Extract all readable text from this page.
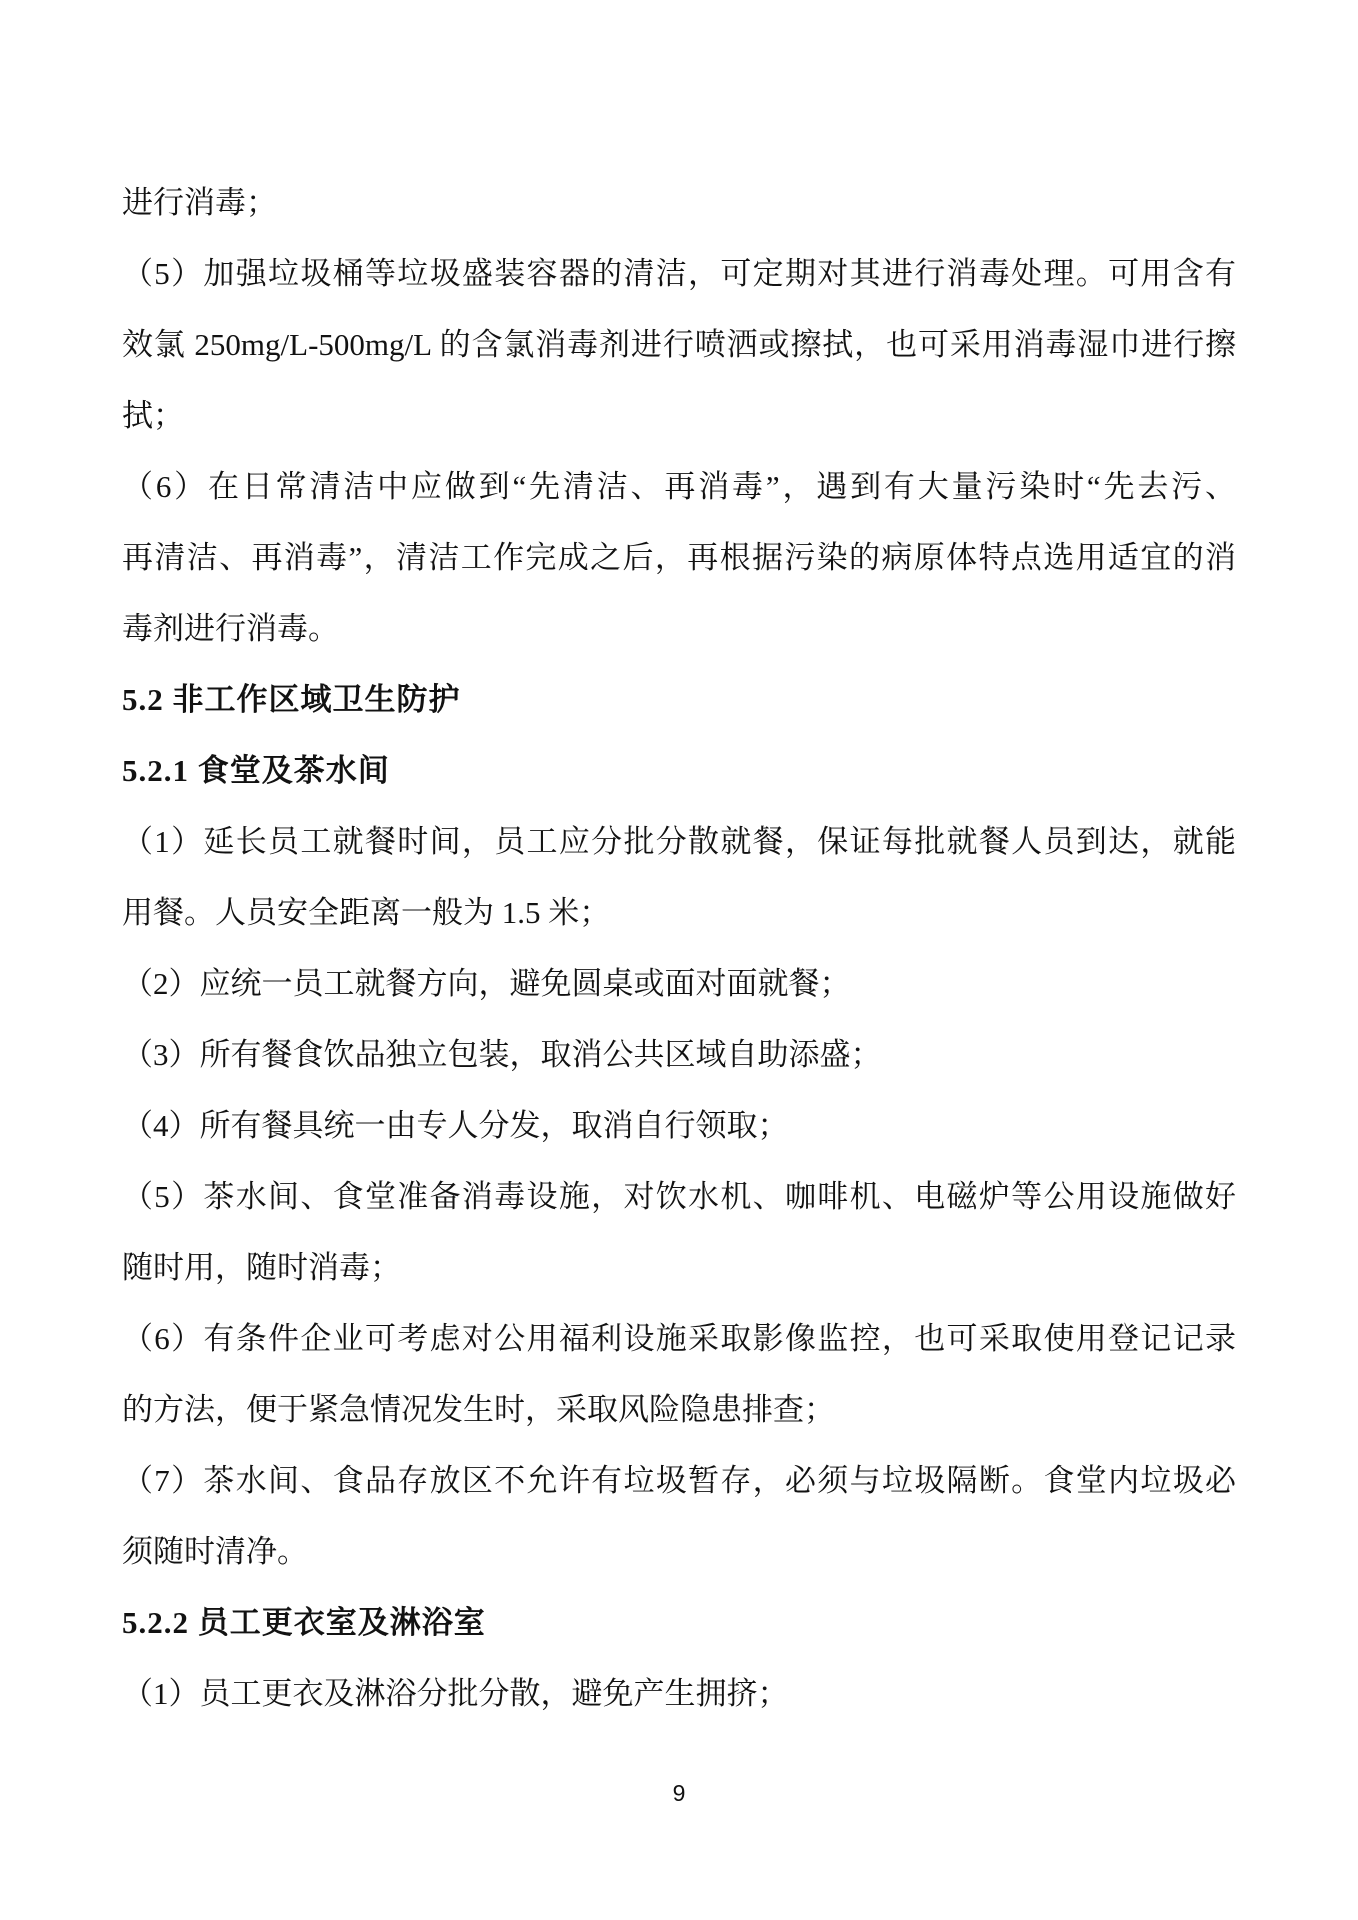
进行消毒；
（5）加强垃圾桶等垃圾盛装容器的清洁，可定期对其进行消毒处理。可用含有
效氯 250mg/L-500mg/L 的含氯消毒剂进行喷洒或擦拭，也可采用消毒湿巾进行擦
拭；
（6）在日常清洁中应做到“先清洁、再消毒”，遇到有大量污染时“先去污、
再清洁、再消毒”，清洁工作完成之后，再根据污染的病原体特点选用适宜的消
毒剂进行消毒。
5.2 非工作区域卫生防护
5.2.1 食堂及茶水间
（1）延长员工就餐时间，员工应分批分散就餐，保证每批就餐人员到达，就能
用餐。人员安全距离一般为 1.5 米；
（2）应统一员工就餐方向，避免圆桌或面对面就餐；
（3）所有餐食饮品独立包装，取消公共区域自助添盛；
（4）所有餐具统一由专人分发，取消自行领取；
（5）茶水间、食堂准备消毒设施，对饮水机、咖啡机、电磁炉等公用设施做好
随时用，随时消毒；
（6）有条件企业可考虑对公用福利设施采取影像监控，也可采取使用登记记录
的方法，便于紧急情况发生时，采取风险隐患排查；
（7）茶水间、食品存放区不允许有垃圾暂存，必须与垃圾隔断。食堂内垃圾必
须随时清净。
5.2.2 员工更衣室及淋浴室
（1）员工更衣及淋浴分批分散，避免产生拥挤；
9
